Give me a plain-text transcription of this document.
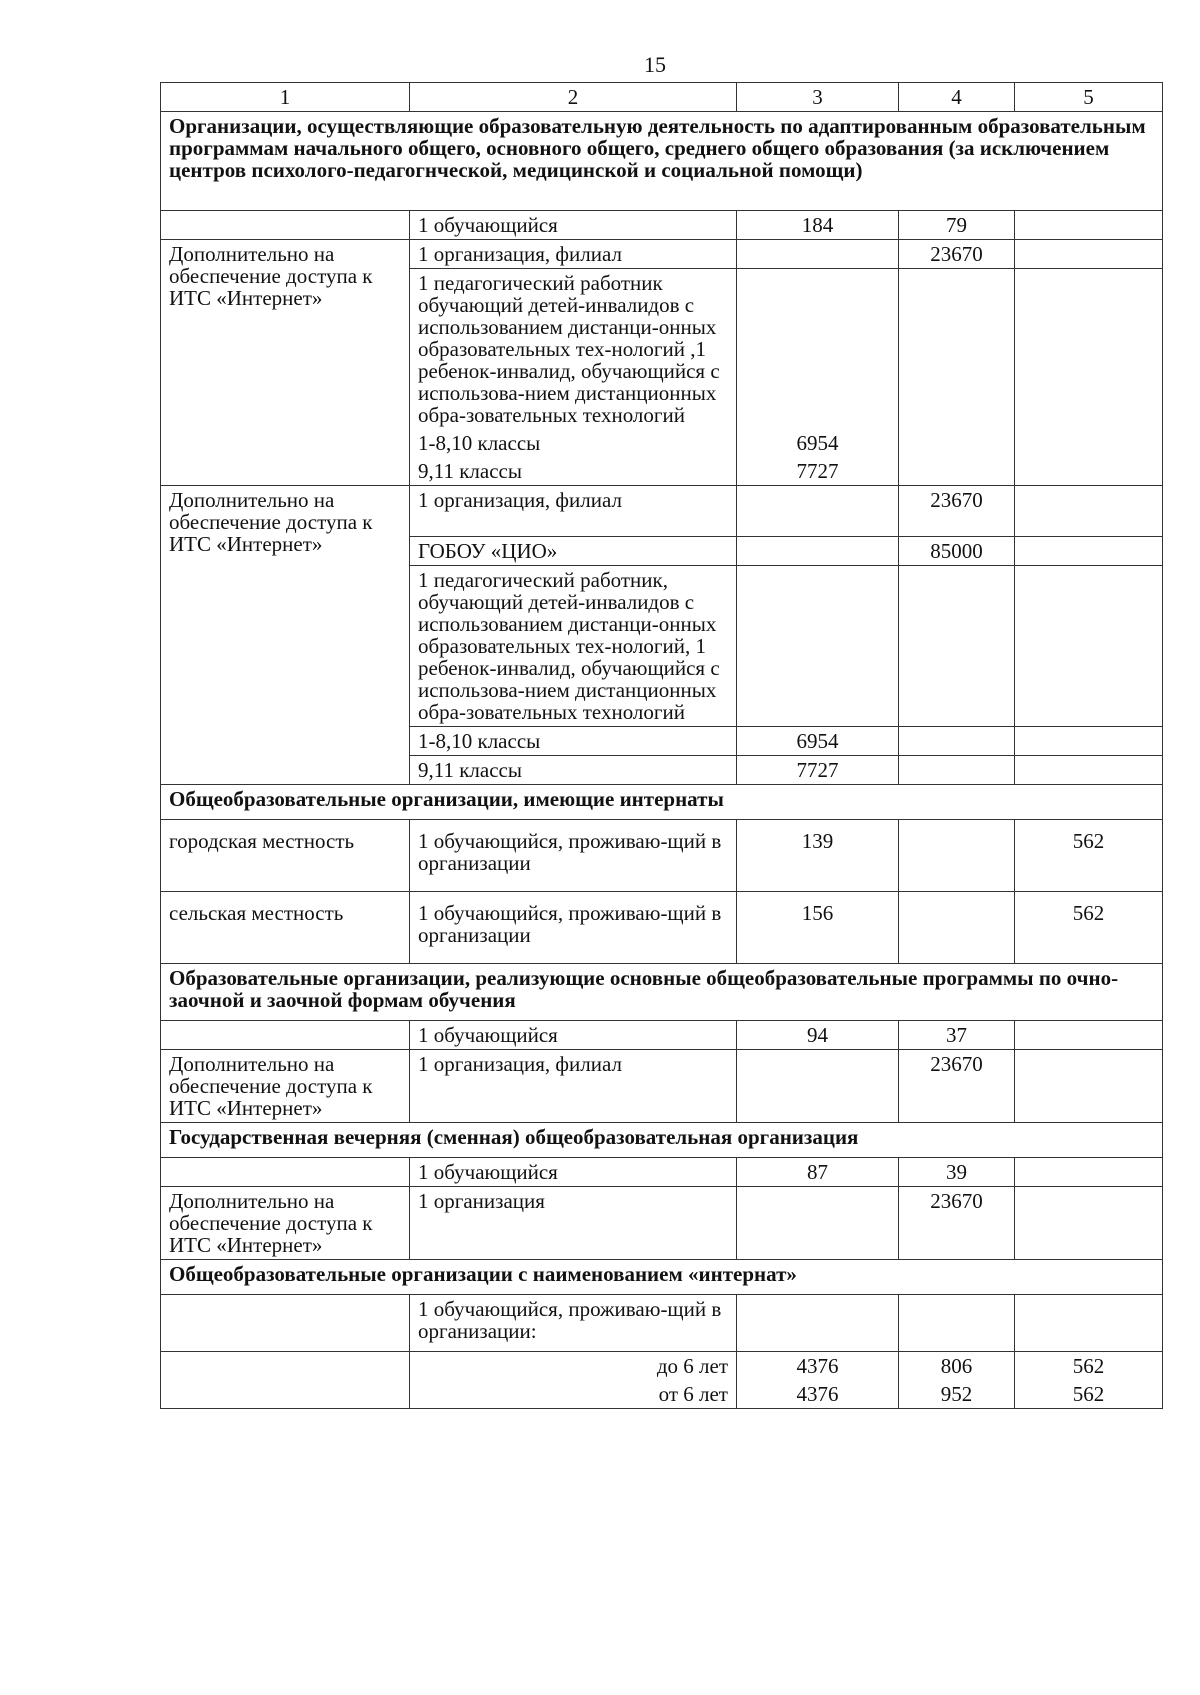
15
1	2	3	4	5
Организации, осуществляющие образовательную деятельность по адаптированным образовательным программам начального общего, основного общего, среднего общего образования (за исключением центров психолого-педагогнческой, медицинской и социальной помощи)				
	1 обучающийся	184	79	
Дополнительно на обеспечение доступа к ИТС «Интернет»	1 организация, филиал		23670	
	1 педагогический работник обучающий детей-инвалидов с использованием дистанци-онных образовательных тех-нологий ,1 ребенок-инвалид, обучающийся с использова-нием дистанционных обра-зовательных технологий			
	1-8,10 классы	6954		
	9,11 классы	7727		
Дополнительно на обеспечение доступа к ИТС «Интернет»	1 организация, филиал		23670	
	ГОБОУ «ЦИО»		85000	
	1 педагогический работник, обучающий детей-инвалидов с использованием дистанци-онных образовательных тех-нологий, 1 ребенок-инвалид, обучающийся с использова-нием дистанционных обра-зовательных технологий			
	1-8,10 классы	6954		
	9,11 классы	7727		
Общеобразовательные организации, имеющие интернаты				
городская местность	1 обучающийся, проживаю-щий в организации	139		562
сельская местность	1 обучающийся, проживаю-щий в организации	156		562
Образовательные организации, реализующие основные общеобразовательные программы по очно-заочной и заочной формам обучения				
	1 обучающийся	94	37	
Дополнительно на обеспечение доступа к ИТС «Интернет»	1 организация, филиал		23670	
Государственная вечерняя (сменная) общеобразовательная организация				
	1 обучающийся	87	39	
Дополнительно на обеспечение доступа к ИТС «Интернет»	1 организация		23670	
Общеобразовательные организации с наименованием «интернат»				
	1 обучающийся, проживаю-щий в организации:			
	до 6 лет	4376	806	562
	от 6 лет	4376	952	562
